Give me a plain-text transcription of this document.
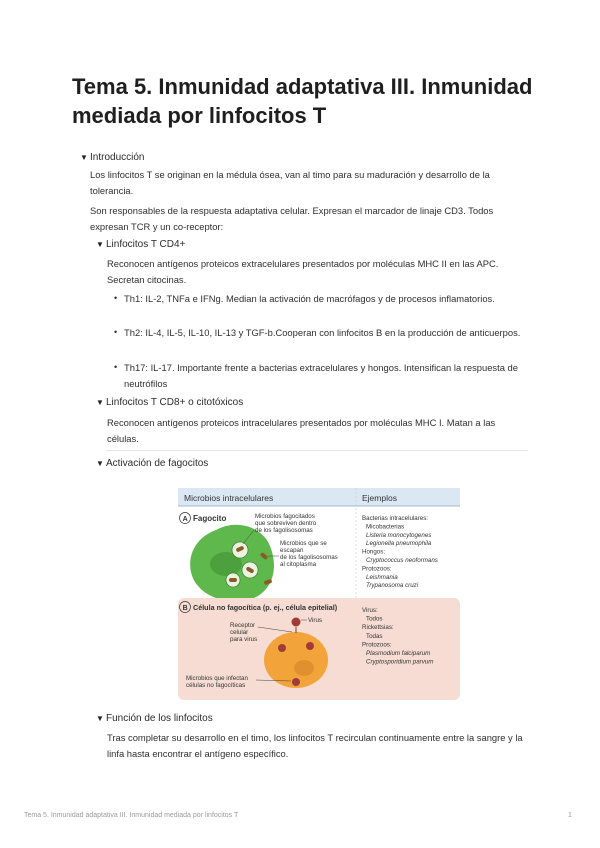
Tema 5. Inmunidad adaptativa III. Inmunidad mediada por linfocitos T
▼ Introducción
Los linfocitos T se originan en la médula ósea, van al timo para su maduración y desarrollo de la tolerancia.
Son responsables de la respuesta adaptativa celular. Expresan el marcador de linaje CD3. Todos expresan TCR y un co-receptor:
▼ Linfocitos T CD4+
Reconocen antígenos proteicos extracelulares presentados por moléculas MHC II en las APC. Secretan citocinas.
• Th1: IL-2, TNFa e IFNg. Median la activación de macrófagos y de procesos inflamatorios.
• Th2: IL-4, IL-5, IL-10, IL-13 y TGF-b.Cooperan con linfocitos B en la producción de anticuerpos.
• Th17: IL-17. Importante frente a bacterias extracelulares y hongos. Intensifican la respuesta de neutrófilos
▼ Linfocitos T CD8+ o citotóxicos
Reconocen antígenos proteicos intracelulares presentados por moléculas MHC I. Matan a las células.
▼ Activación de fagocitos
Microbios intracelulares	Ejemplos
A Fagocito	Microbios fagocitados
que sobreviven dentro
de los fagolisosomas
Microbios que se
escapan
de los fagolisosomas
al citoplasma
Bacterias intracelulares:
Micobacterias
Listeria monocytogenes
Legionella pneumophila
Hongos:
Cryptococcus neoformans
Protozoos:
Leishmania
Trypanosoma cruzi
B Célula no fagocítica (p. ej., célula epitelial)
Virus
Receptor
celular
para virus
Microbios que infectan
células no fagocíticas
Virus:
Todos
Rickettsias:
Todas
Protozoos:
Plasmodium falciparum
Cryptosporidium parvum
▼ Función de los linfocitos
Tras completar su desarrollo en el timo, los linfocitos T recirculan continuamente entre la sangre y la linfa hasta encontrar el antígeno específico.
Tema 5. Inmunidad adaptativa III. Inmunidad mediada por linfocitos T	1
